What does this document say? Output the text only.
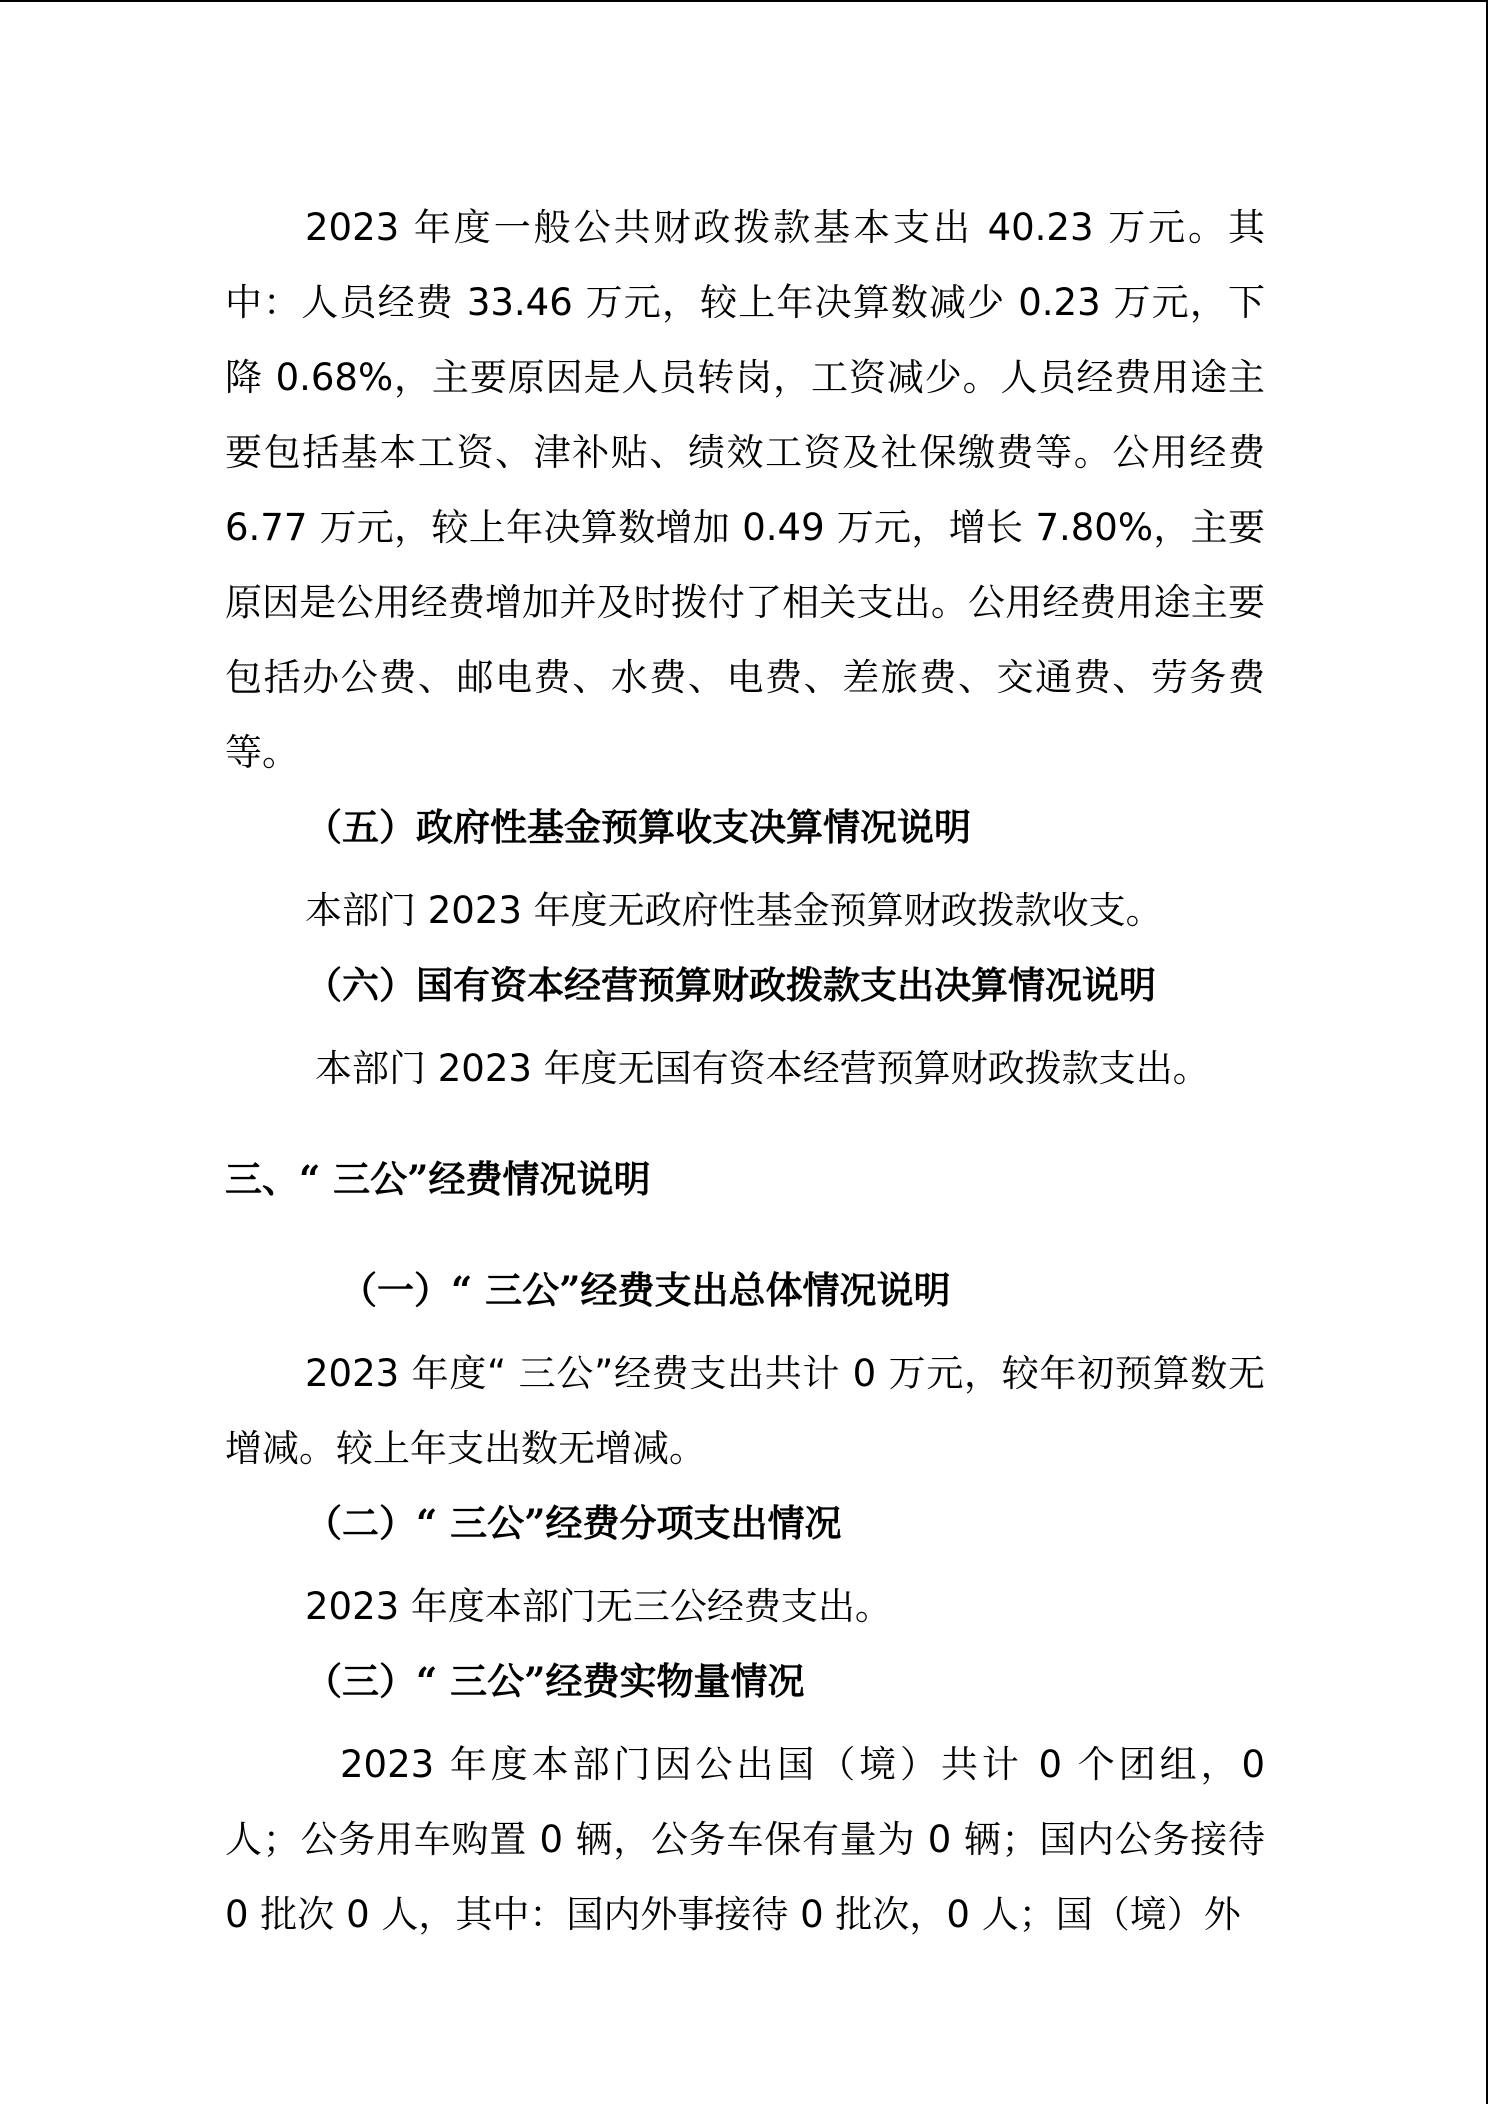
2023 年度一般公共财政拨款基本支出 40.23 万元。其中：人员经费 33.46 万元，较上年决算数减少 0.23 万元，下降 0.68%，主要原因是人员转岗，工资减少。人员经费用途主要包括基本工资、津补贴、绩效工资及社保缴费等。公用经费 6.77 万元，较上年决算数增加 0.49 万元，增长 7.80%，主要原因是公用经费增加并及时拨付了相关支出。公用经费用途主要包括办公费、邮电费、水费、电费、差旅费、交通费、劳务费等。

（五）政府性基金预算收支决算情况说明

本部门 2023 年度无政府性基金预算财政拨款收支。

（六）国有资本经营预算财政拨款支出决算情况说明

本部门 2023 年度无国有资本经营预算财政拨款支出。

三、“ 三公”经费情况说明

（一）“ 三公”经费支出总体情况说明

2023 年度“ 三公”经费支出共计 0 万元，较年初预算数无增减。较上年支出数无增减。

（二）“ 三公”经费分项支出情况

2023 年度本部门无三公经费支出。

（三）“ 三公”经费实物量情况

2023 年度本部门因公出国（境）共计 0 个团组，0 人；公务用车购置 0 辆，公务车保有量为 0 辆；国内公务接待 0 批次 0 人，其中：国内外事接待 0 批次，0 人；国（境）外
